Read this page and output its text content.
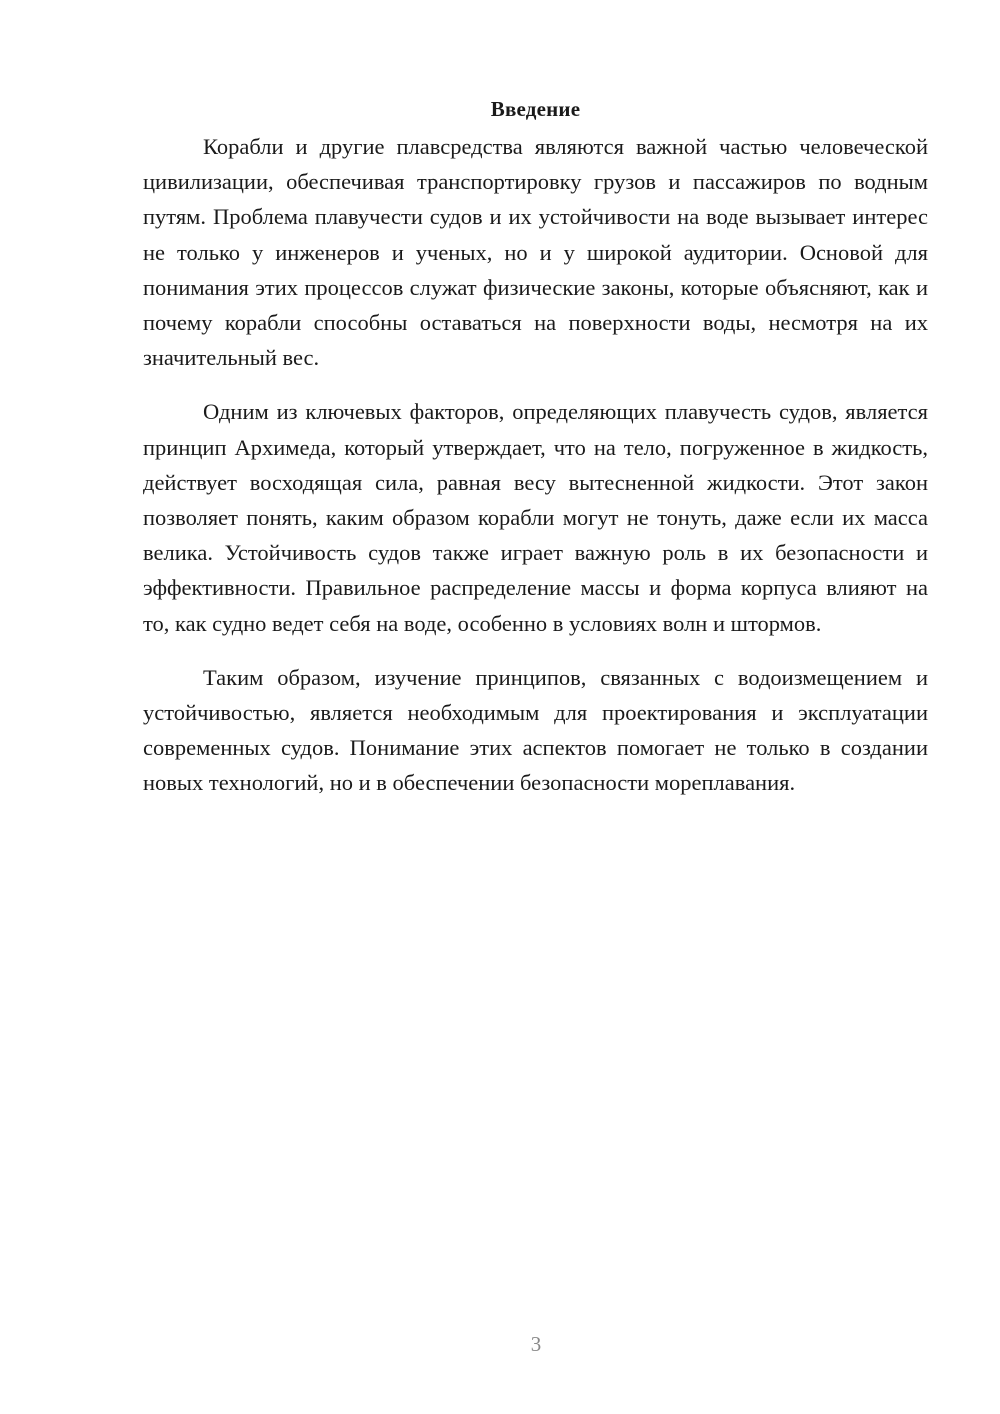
Введение

Корабли и другие плавсредства являются важной частью человеческой цивилизации, обеспечивая транспортировку грузов и пассажиров по водным путям. Проблема плавучести судов и их устойчивости на воде вызывает интерес не только у инженеров и ученых, но и у широкой аудитории. Основой для понимания этих процессов служат физические законы, которые объясняют, как и почему корабли способны оставаться на поверхности воды, несмотря на их значительный вес.

Одним из ключевых факторов, определяющих плавучесть судов, является принцип Архимеда, который утверждает, что на тело, погруженное в жидкость, действует восходящая сила, равная весу вытесненной жидкости. Этот закон позволяет понять, каким образом корабли могут не тонуть, даже если их масса велика. Устойчивость судов также играет важную роль в их безопасности и эффективности. Правильное распределение массы и форма корпуса влияют на то, как судно ведет себя на воде, особенно в условиях волн и штормов.

Таким образом, изучение принципов, связанных с водоизмещением и устойчивостью, является необходимым для проектирования и эксплуатации современных судов. Понимание этих аспектов помогает не только в создании новых технологий, но и в обеспечении безопасности мореплавания.

3
